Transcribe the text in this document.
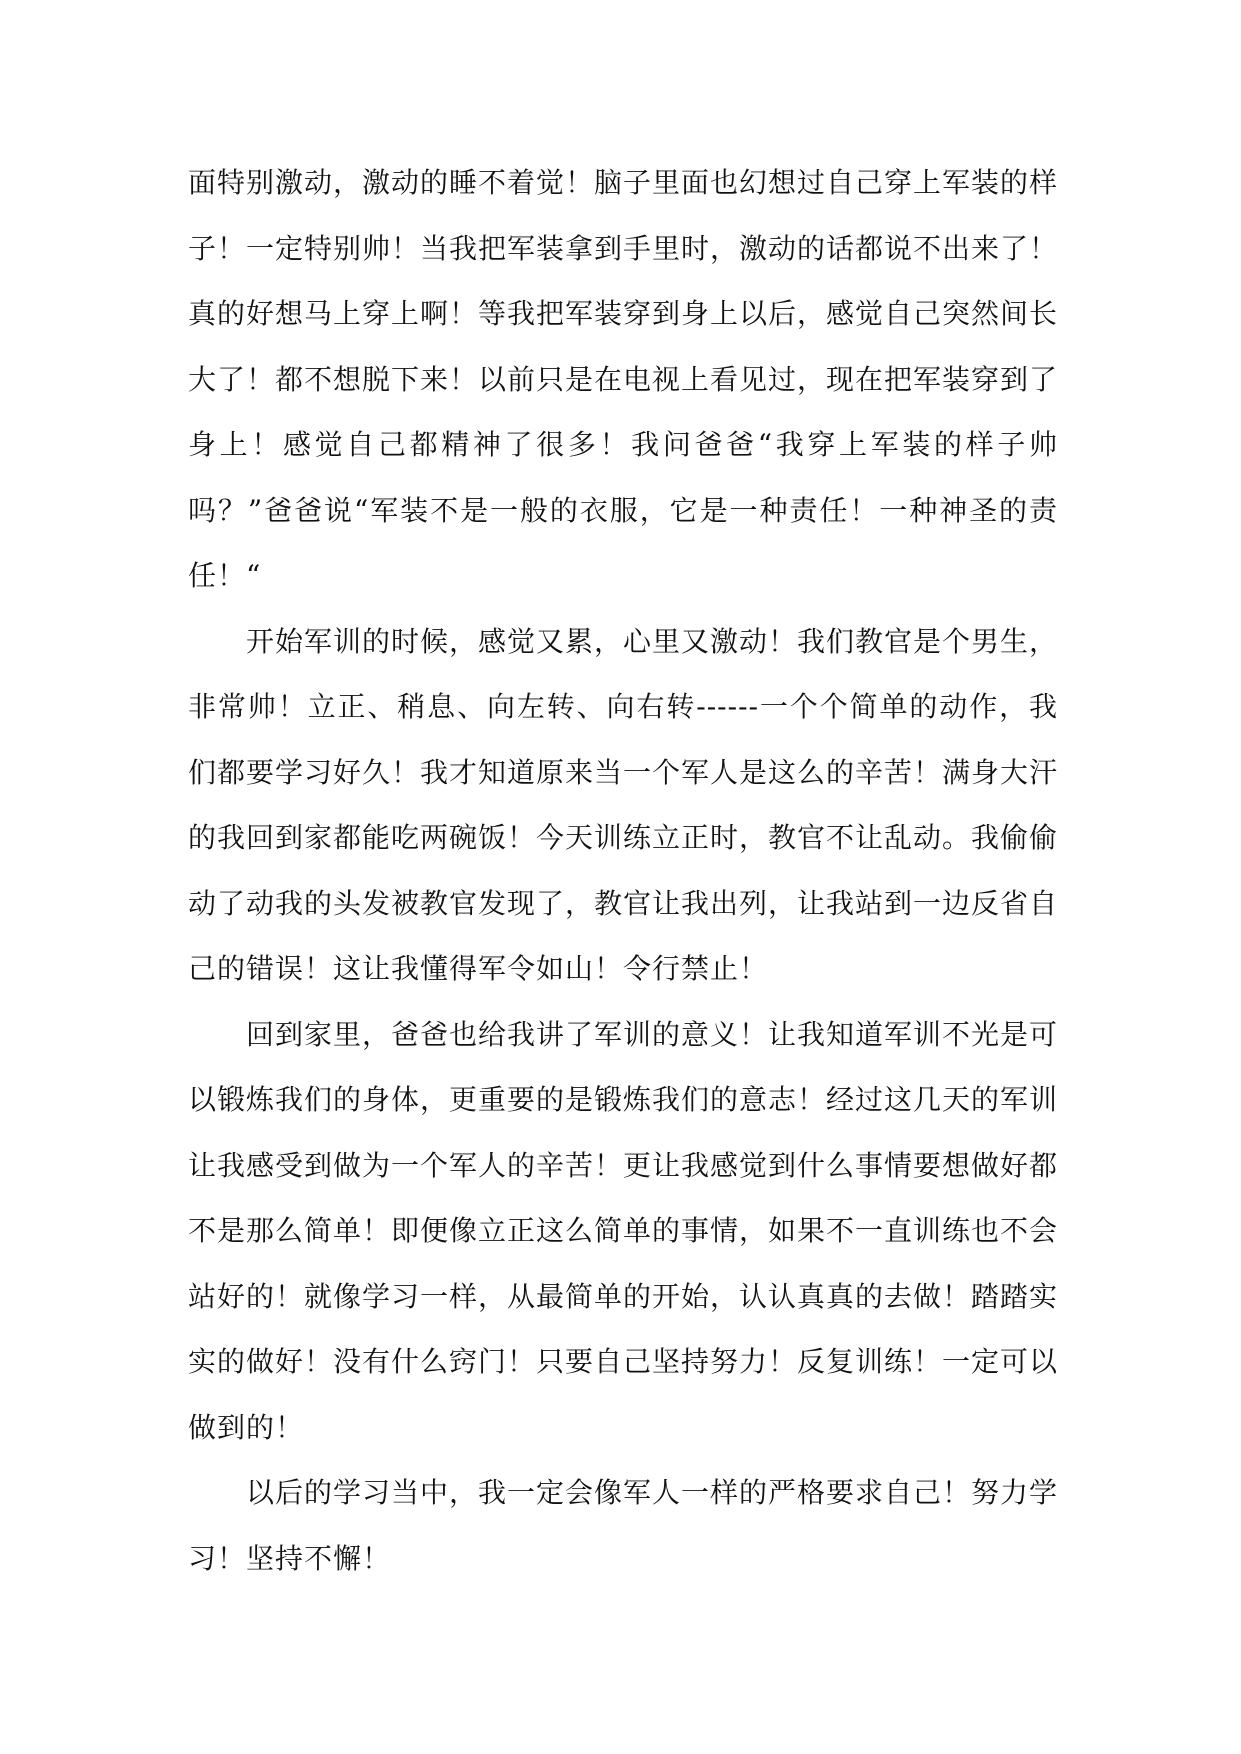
面特别激动，激动的睡不着觉！脑子里面也幻想过自己穿上军装的样子！一定特别帅！当我把军装拿到手里时，激动的话都说不出来了！真的好想马上穿上啊！等我把军装穿到身上以后，感觉自己突然间长大了！都不想脱下来！以前只是在电视上看见过，现在把军装穿到了身上！感觉自己都精神了很多！我问爸爸“我穿上军装的样子帅吗？”爸爸说“军装不是一般的衣服，它是一种责任！一种神圣的责任！“

开始军训的时候，感觉又累，心里又激动！我们教官是个男生，非常帅！立正、稍息、向左转、向右转------一个个简单的动作，我们都要学习好久！我才知道原来当一个军人是这么的辛苦！满身大汗的我回到家都能吃两碗饭！今天训练立正时，教官不让乱动。我偷偷动了动我的头发被教官发现了，教官让我出列，让我站到一边反省自己的错误！这让我懂得军令如山！令行禁止！

回到家里，爸爸也给我讲了军训的意义！让我知道军训不光是可以锻炼我们的身体，更重要的是锻炼我们的意志！经过这几天的军训让我感受到做为一个军人的辛苦！更让我感觉到什么事情要想做好都不是那么简单！即便像立正这么简单的事情，如果不一直训练也不会站好的！就像学习一样，从最简单的开始，认认真真的去做！踏踏实实的做好！没有什么窍门！只要自己坚持努力！反复训练！一定可以做到的！

以后的学习当中，我一定会像军人一样的严格要求自己！努力学习！坚持不懈！
